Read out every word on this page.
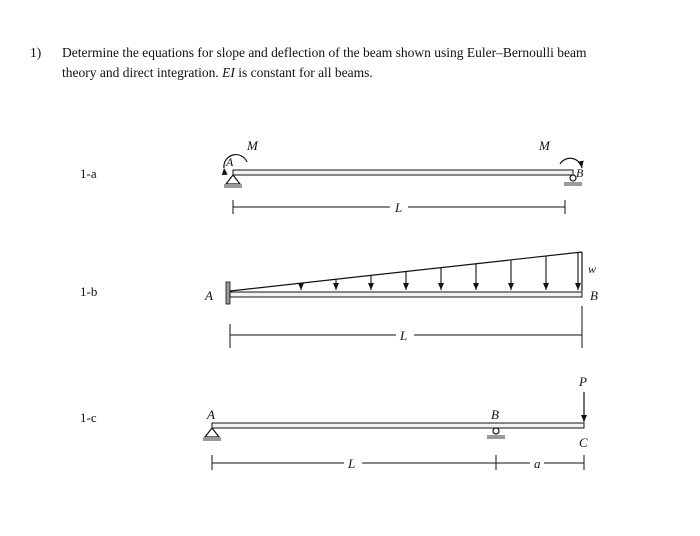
1) Determine the equations for slope and deflection of the beam shown using Euler–Bernoulli beam
theory and direct integration. EI is constant for all beams.
1-a
1-b
1-c
M	M
A
B
L
A	B
w
L
A	B
C
P
L	a
